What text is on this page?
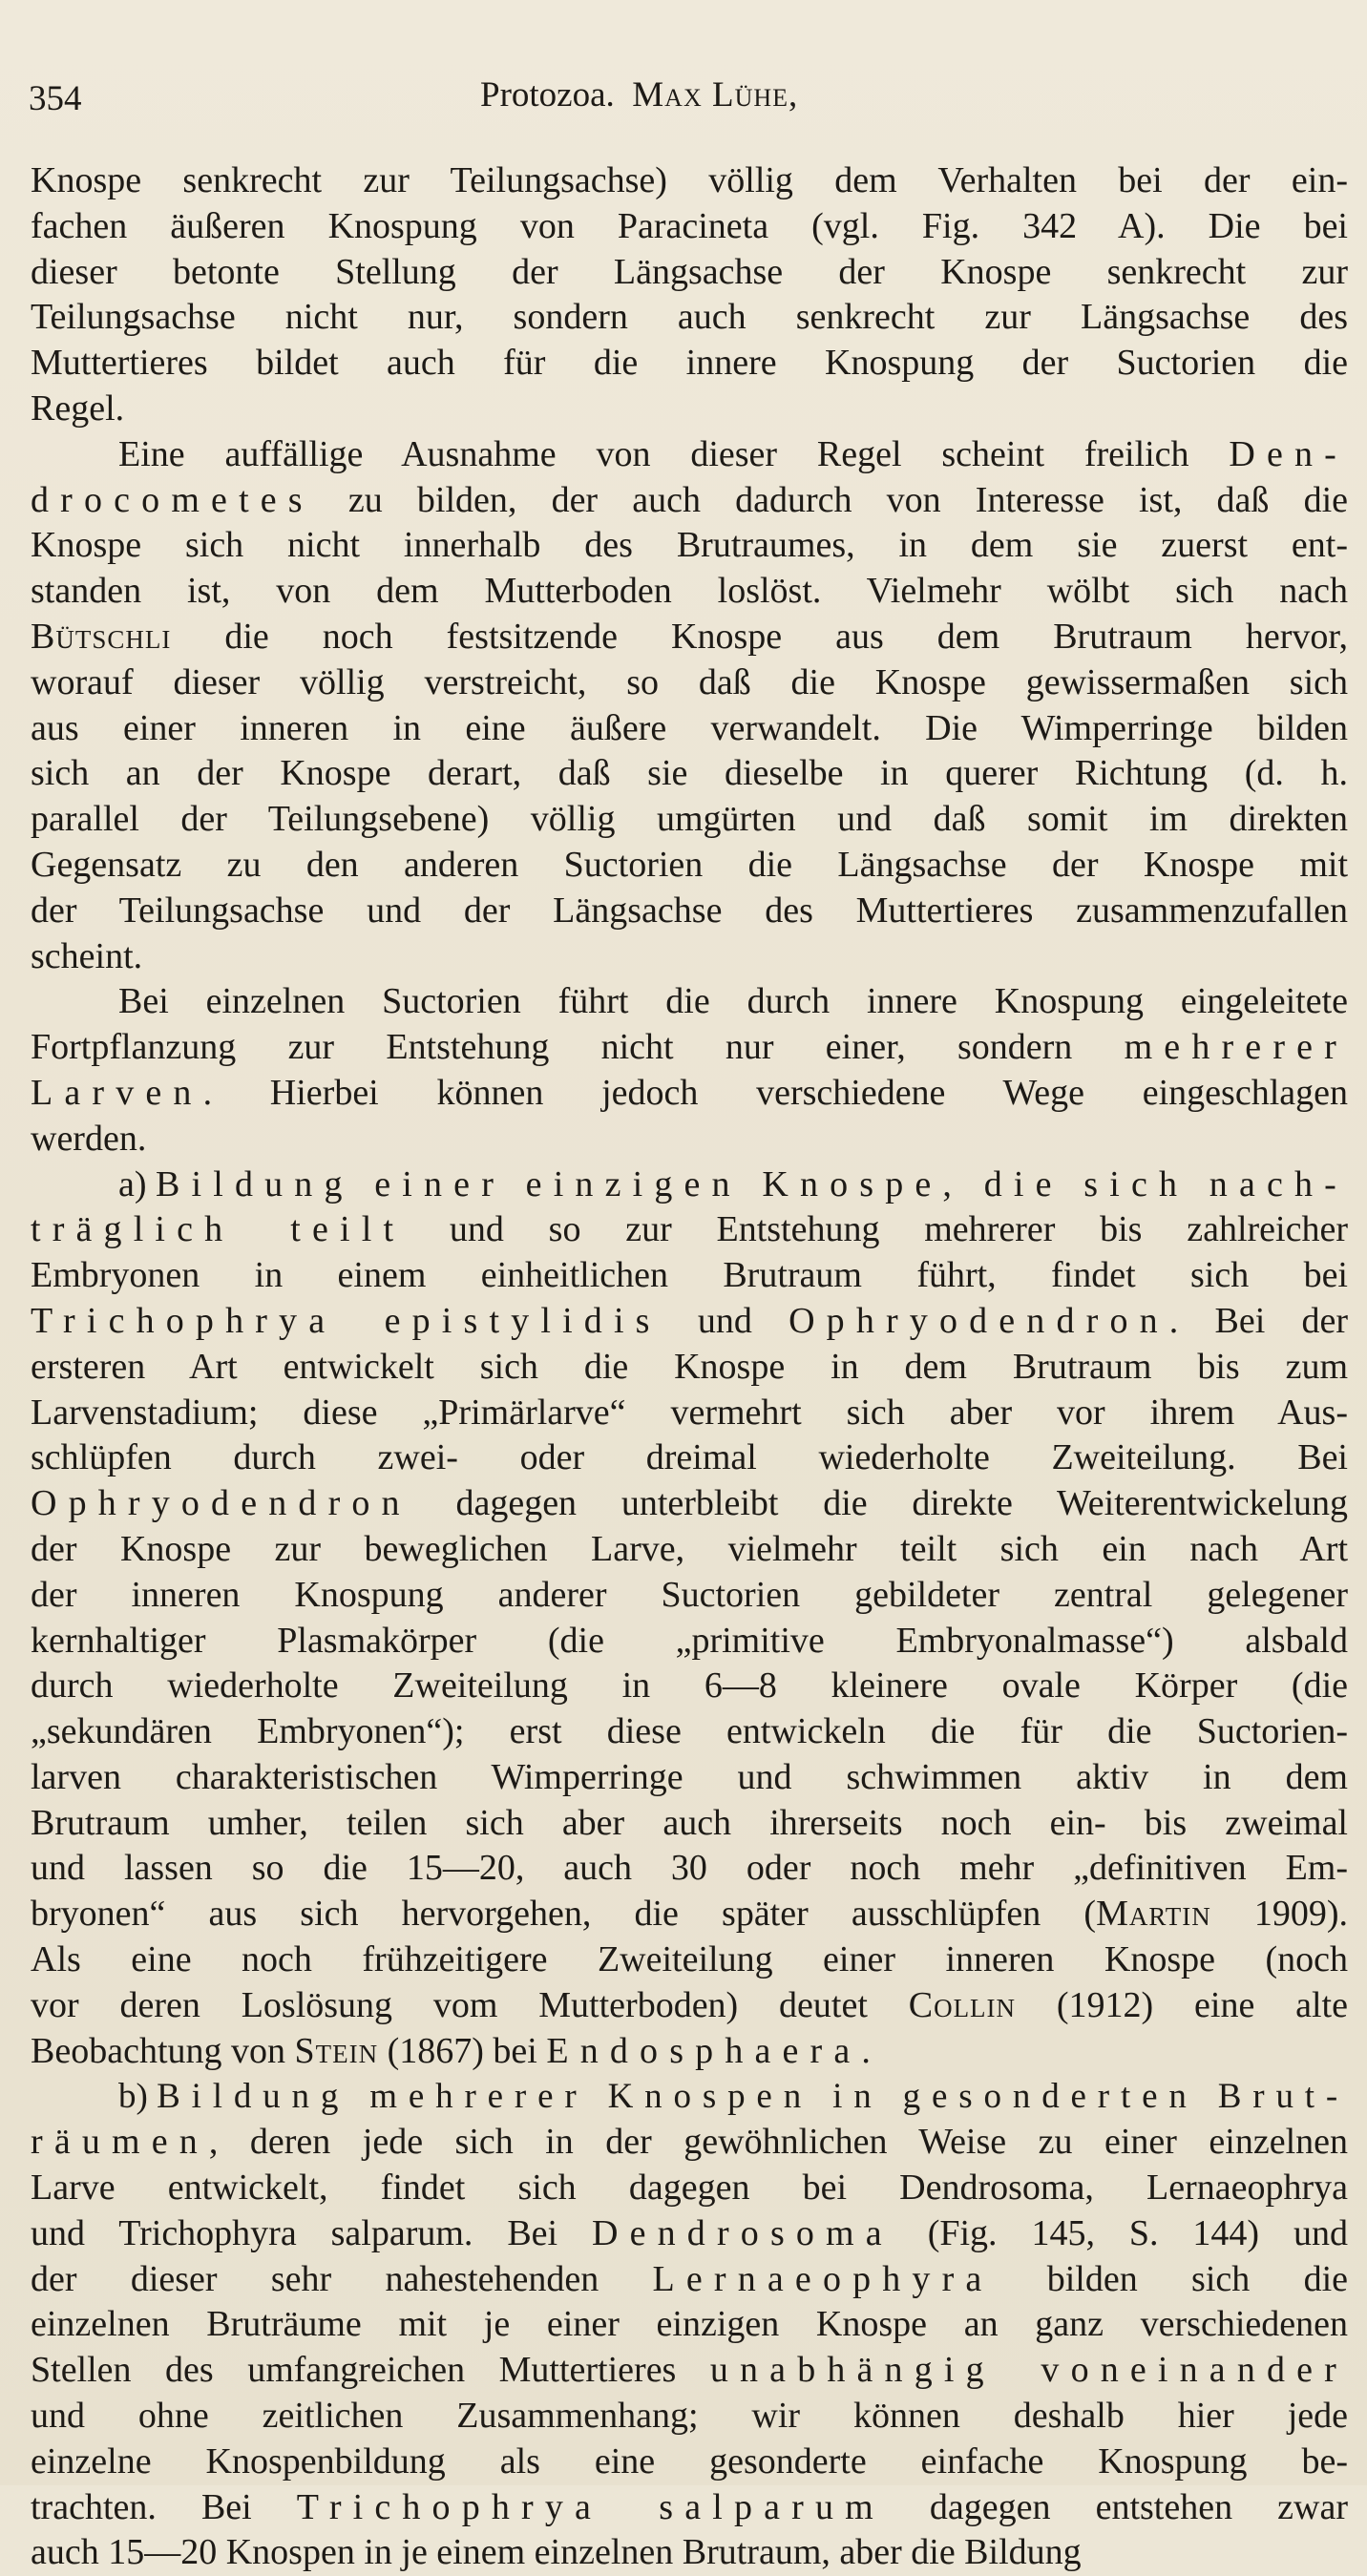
354	Protozoa. Max Lühe,
Knospe senkrecht zur Teilungsachse) völlig dem Verhalten bei der ein-
fachen äußeren Knospung von Paracineta (vgl. Fig. 342 A). Die bei
dieser betonte Stellung der Längsachse der Knospe senkrecht zur
Teilungsachse nicht nur, sondern auch senkrecht zur Längsachse des
Muttertieres bildet auch für die innere Knospung der Suctorien die
Regel.
Eine auffällige Ausnahme von dieser Regel scheint freilich Den-
drocometes zu bilden, der auch dadurch von Interesse ist, daß die
Knospe sich nicht innerhalb des Brutraumes, in dem sie zuerst ent-
standen ist, von dem Mutterboden loslöst. Vielmehr wölbt sich nach
Bütschli die noch festsitzende Knospe aus dem Brutraum hervor,
worauf dieser völlig verstreicht, so daß die Knospe gewissermaßen sich
aus einer inneren in eine äußere verwandelt. Die Wimperringe bilden
sich an der Knospe derart, daß sie dieselbe in querer Richtung (d. h.
parallel der Teilungsebene) völlig umgürten und daß somit im direkten
Gegensatz zu den anderen Suctorien die Längsachse der Knospe mit
der Teilungsachse und der Längsachse des Muttertieres zusammenzufallen
scheint.
Bei einzelnen Suctorien führt die durch innere Knospung eingeleitete
Fortpflanzung zur Entstehung nicht nur einer, sondern mehrerer
Larven. Hierbei können jedoch verschiedene Wege eingeschlagen
werden.
a) Bildung einer einzigen Knospe, die sich nach-
träglich teilt und so zur Entstehung mehrerer bis zahlreicher
Embryonen in einem einheitlichen Brutraum führt, findet sich bei
Trichophrya epistylidis und Ophryodendron. Bei der
ersteren Art entwickelt sich die Knospe in dem Brutraum bis zum
Larvenstadium; diese „Primärlarve“ vermehrt sich aber vor ihrem Aus-
schlüpfen durch zwei- oder dreimal wiederholte Zweiteilung. Bei
Ophryodendron dagegen unterbleibt die direkte Weiterentwickelung
der Knospe zur beweglichen Larve, vielmehr teilt sich ein nach Art
der inneren Knospung anderer Suctorien gebildeter zentral gelegener
kernhaltiger Plasmakörper (die „primitive Embryonalmasse“) alsbald
durch wiederholte Zweiteilung in 6—8 kleinere ovale Körper (die
„sekundären Embryonen“); erst diese entwickeln die für die Suctorien-
larven charakteristischen Wimperringe und schwimmen aktiv in dem
Brutraum umher, teilen sich aber auch ihrerseits noch ein- bis zweimal
und lassen so die 15—20, auch 30 oder noch mehr „definitiven Em-
bryonen“ aus sich hervorgehen, die später ausschlüpfen (Martin 1909).
Als eine noch frühzeitigere Zweiteilung einer inneren Knospe (noch
vor deren Loslösung vom Mutterboden) deutet Collin (1912) eine alte
Beobachtung von Stein (1867) bei Endosphaera.
b) Bildung mehrerer Knospen in gesonderten Brut-
räumen, deren jede sich in der gewöhnlichen Weise zu einer einzelnen
Larve entwickelt, findet sich dagegen bei Dendrosoma, Lernaeophrya
und Trichophyra salparum. Bei Dendrosoma (Fig. 145, S. 144) und
der dieser sehr nahestehenden Lernaeophyra bilden sich die
einzelnen Bruträume mit je einer einzigen Knospe an ganz verschiedenen
Stellen des umfangreichen Muttertieres unabhängig voneinander
und ohne zeitlichen Zusammenhang; wir können deshalb hier jede
einzelne Knospenbildung als eine gesonderte einfache Knospung be-
trachten. Bei Trichophrya salparum dagegen entstehen zwar
auch 15—20 Knospen in je einem einzelnen Brutraum, aber die Bildung
